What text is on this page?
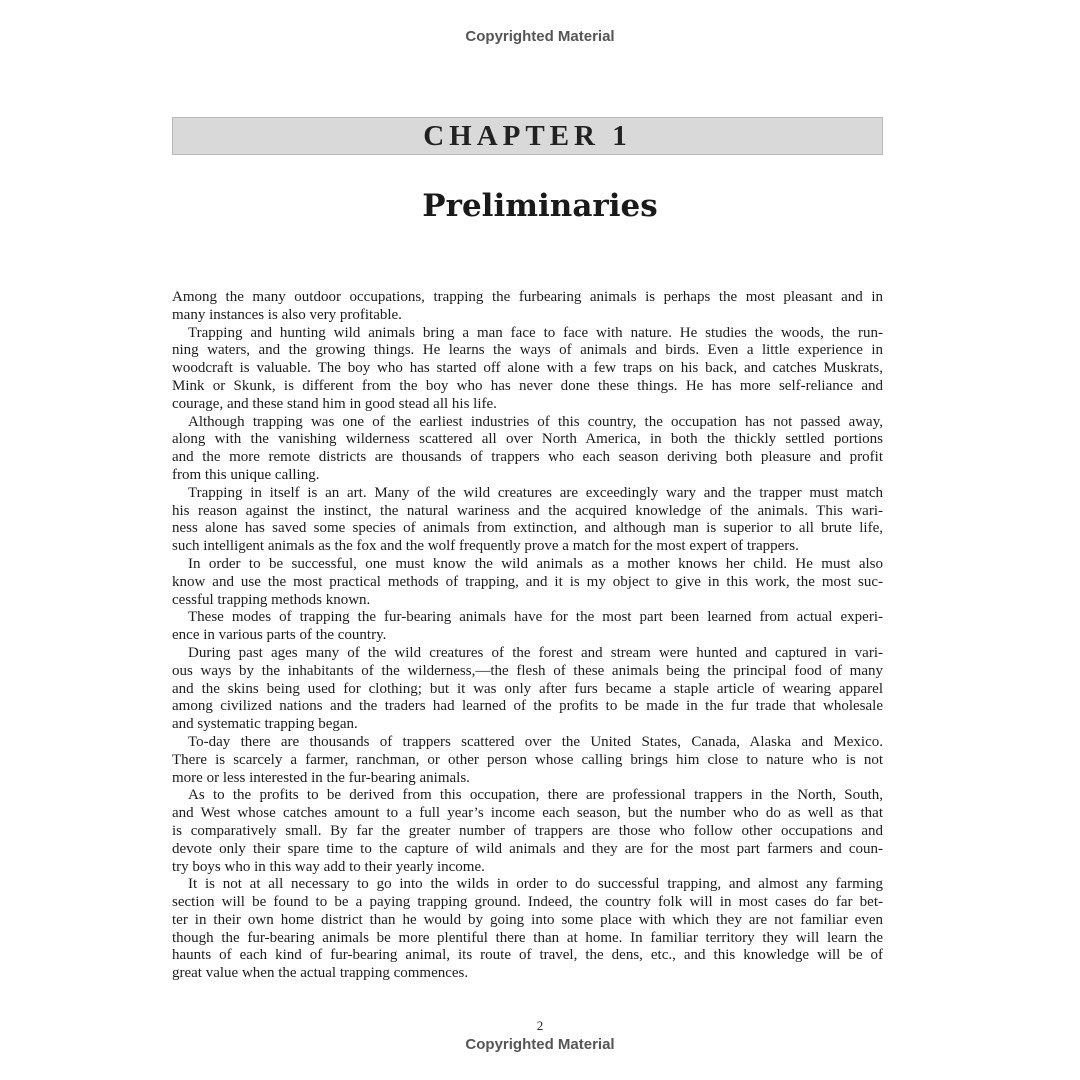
Copyrighted Material
CHAPTER 1
Preliminaries
Among the many outdoor occupations, trapping the furbearing animals is perhaps the most pleasant and in
many instances is also very profitable.
Trapping and hunting wild animals bring a man face to face with nature. He studies the woods, the run-
ning waters, and the growing things. He learns the ways of animals and birds. Even a little experience in
woodcraft is valuable. The boy who has started off alone with a few traps on his back, and catches Muskrats,
Mink or Skunk, is different from the boy who has never done these things. He has more self-reliance and
courage, and these stand him in good stead all his life.
Although trapping was one of the earliest industries of this country, the occupation has not passed away,
along with the vanishing wilderness scattered all over North America, in both the thickly settled portions
and the more remote districts are thousands of trappers who each season deriving both pleasure and profit
from this unique calling.
Trapping in itself is an art. Many of the wild creatures are exceedingly wary and the trapper must match
his reason against the instinct, the natural wariness and the acquired knowledge of the animals. This wari-
ness alone has saved some species of animals from extinction, and although man is superior to all brute life,
such intelligent animals as the fox and the wolf frequently prove a match for the most expert of trappers.
In order to be successful, one must know the wild animals as a mother knows her child. He must also
know and use the most practical methods of trapping, and it is my object to give in this work, the most suc-
cessful trapping methods known.
These modes of trapping the fur-bearing animals have for the most part been learned from actual experi-
ence in various parts of the country.
During past ages many of the wild creatures of the forest and stream were hunted and captured in vari-
ous ways by the inhabitants of the wilderness,—the flesh of these animals being the principal food of many
and the skins being used for clothing; but it was only after furs became a staple article of wearing apparel
among civilized nations and the traders had learned of the profits to be made in the fur trade that wholesale
and systematic trapping began.
To-day there are thousands of trappers scattered over the United States, Canada, Alaska and Mexico.
There is scarcely a farmer, ranchman, or other person whose calling brings him close to nature who is not
more or less interested in the fur-bearing animals.
As to the profits to be derived from this occupation, there are professional trappers in the North, South,
and West whose catches amount to a full year’s income each season, but the number who do as well as that
is comparatively small. By far the greater number of trappers are those who follow other occupations and
devote only their spare time to the capture of wild animals and they are for the most part farmers and coun-
try boys who in this way add to their yearly income.
It is not at all necessary to go into the wilds in order to do successful trapping, and almost any farming
section will be found to be a paying trapping ground. Indeed, the country folk will in most cases do far bet-
ter in their own home district than he would by going into some place with which they are not familiar even
though the fur-bearing animals be more plentiful there than at home. In familiar territory they will learn the
haunts of each kind of fur-bearing animal, its route of travel, the dens, etc., and this knowledge will be of
great value when the actual trapping commences.
2
Copyrighted Material
